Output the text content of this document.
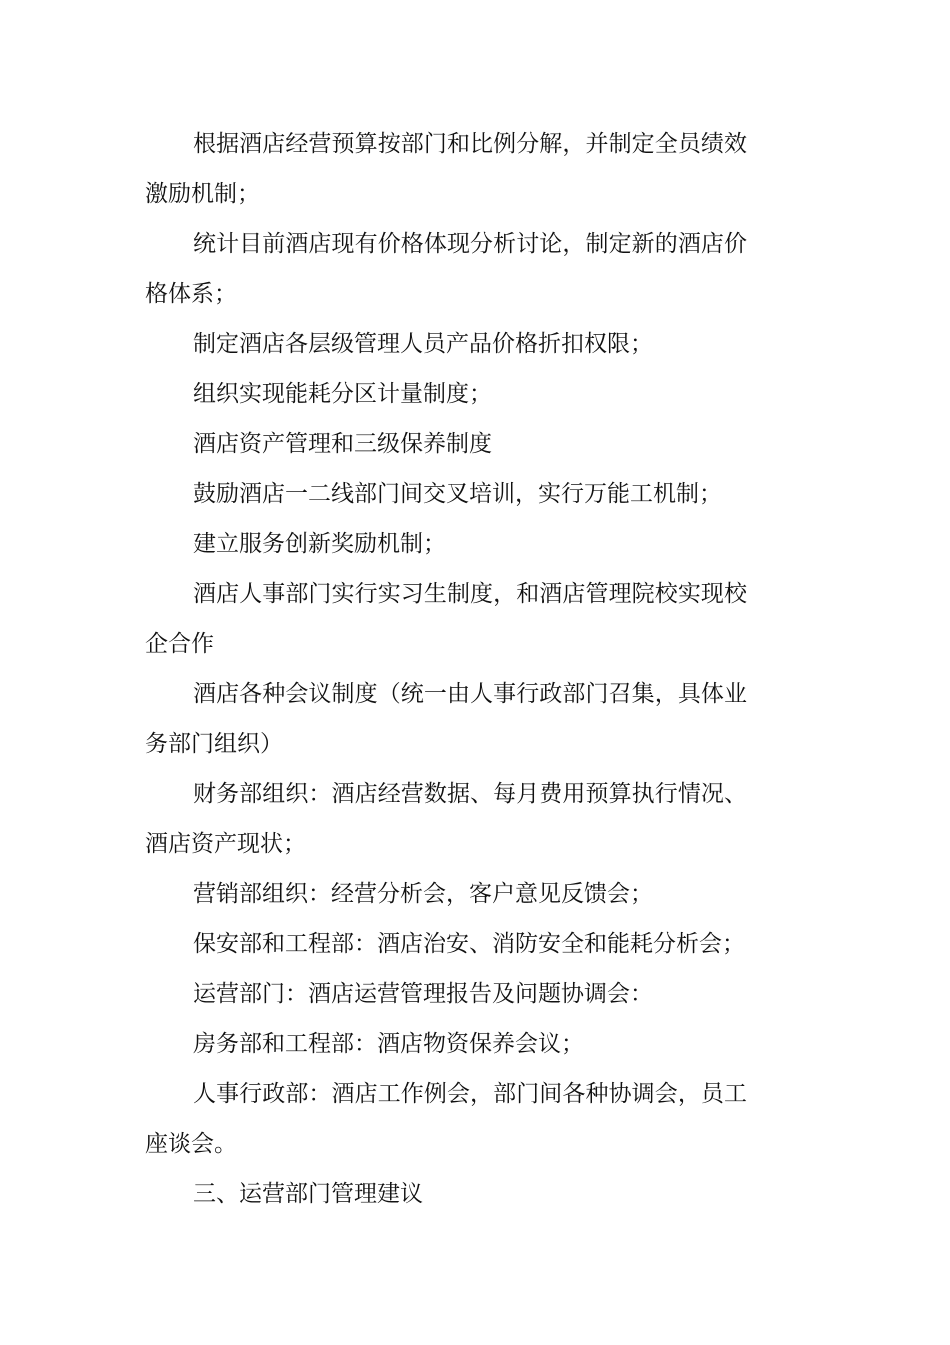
根据酒店经营预算按部门和比例分解，并制定全员绩效激励机制；

统计目前酒店现有价格体现分析讨论，制定新的酒店价格体系；

制定酒店各层级管理人员产品价格折扣权限；

组织实现能耗分区计量制度；

酒店资产管理和三级保养制度

鼓励酒店一二线部门间交叉培训，实行万能工机制；

建立服务创新奖励机制；

酒店人事部门实行实习生制度，和酒店管理院校实现校企合作

酒店各种会议制度（统一由人事行政部门召集，具体业务部门组织）

财务部组织：酒店经营数据、每月费用预算执行情况、酒店资产现状；

营销部组织：经营分析会，客户意见反馈会；

保安部和工程部：酒店治安、消防安全和能耗分析会；

运营部门：酒店运营管理报告及问题协调会：

房务部和工程部：酒店物资保养会议；

人事行政部：酒店工作例会，部门间各种协调会，员工座谈会。

三、运营部门管理建议
